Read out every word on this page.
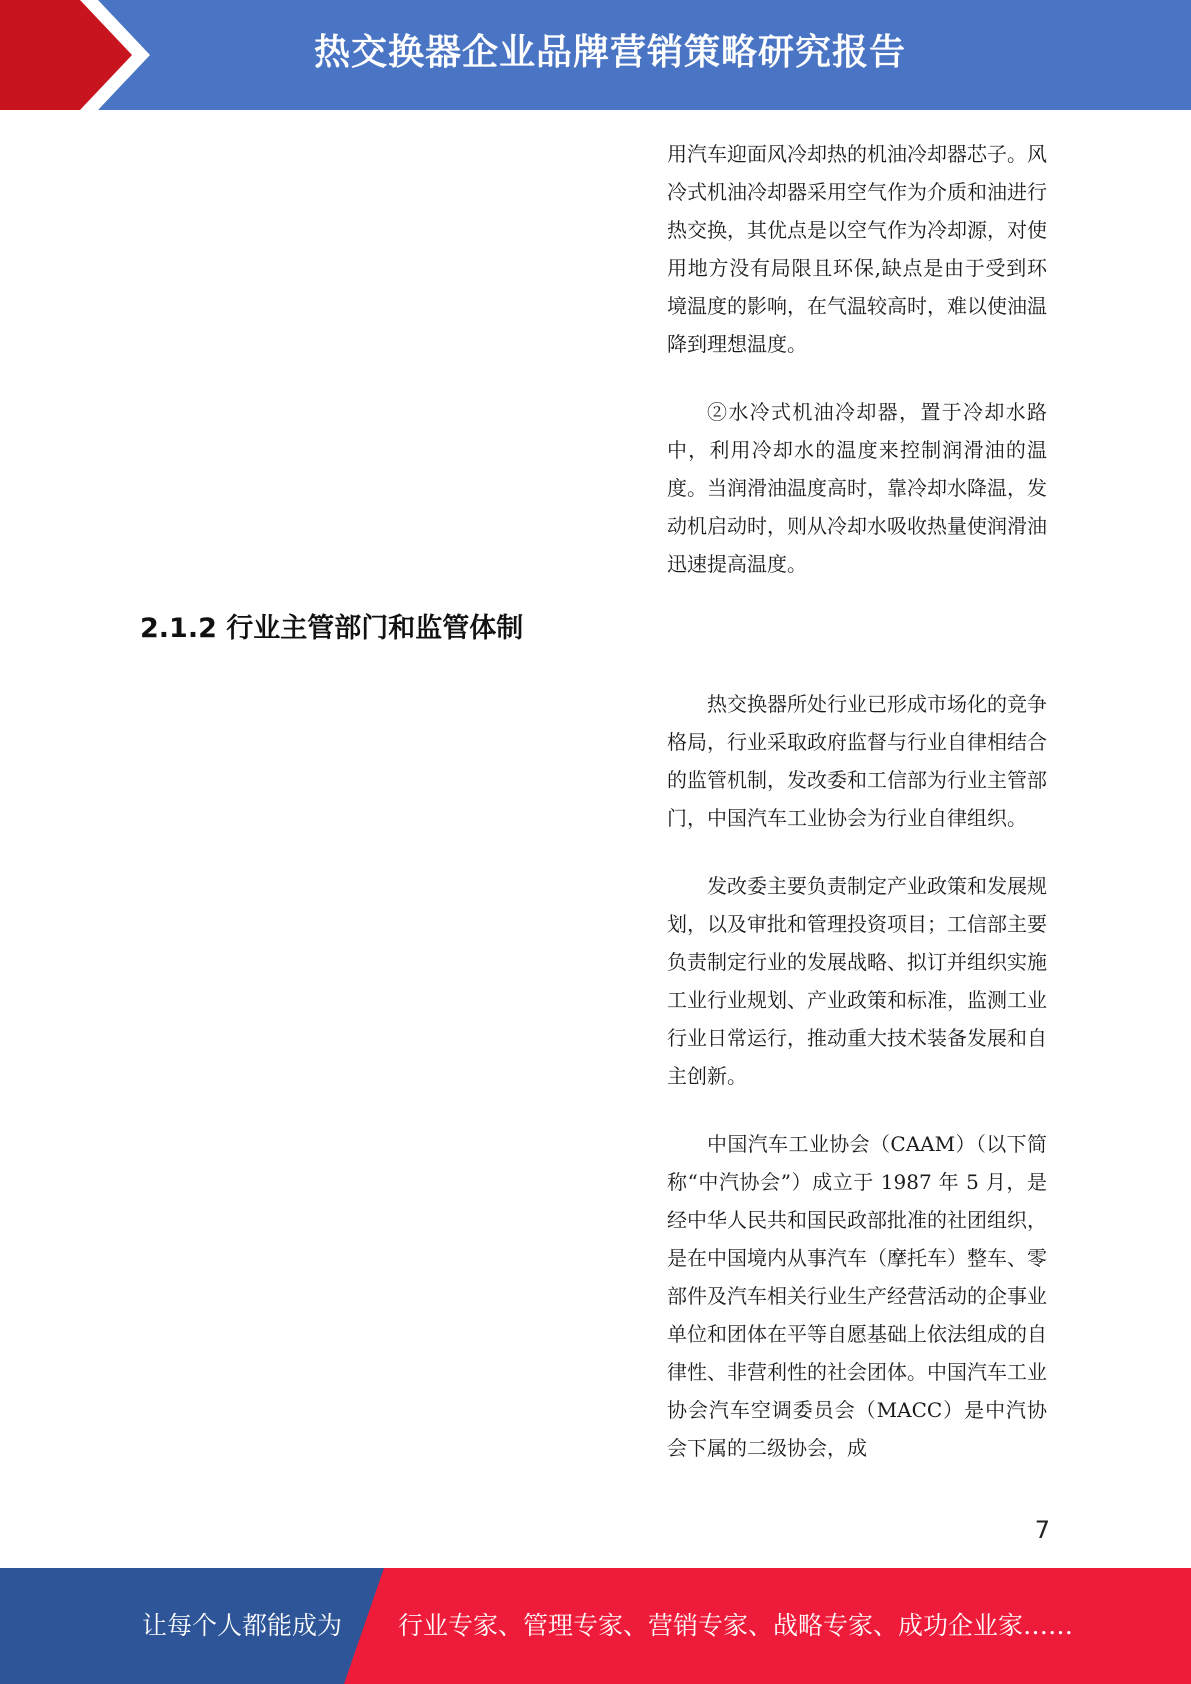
热交换器企业品牌营销策略研究报告

用汽车迎面风冷却热的机油冷却器芯子。风冷式机油冷却器采用空气作为介质和油进行热交换，其优点是以空气作为冷却源，对使用地方没有局限且环保,缺点是由于受到环境温度的影响，在气温较高时，难以使油温降到理想温度。

②水冷式机油冷却器，置于冷却水路中，利用冷却水的温度来控制润滑油的温度。当润滑油温度高时，靠冷却水降温，发动机启动时，则从冷却水吸收热量使润滑油迅速提高温度。

2.1.2 行业主管部门和监管体制

热交换器所处行业已形成市场化的竞争格局，行业采取政府监督与行业自律相结合的监管机制，发改委和工信部为行业主管部门，中国汽车工业协会为行业自律组织。

发改委主要负责制定产业政策和发展规划，以及审批和管理投资项目；工信部主要负责制定行业的发展战略、拟订并组织实施工业行业规划、产业政策和标准，监测工业行业日常运行，推动重大技术装备发展和自主创新。

中国汽车工业协会（CAAM）（以下简称“中汽协会”）成立于 1987 年 5 月，是经中华人民共和国民政部批准的社团组织，是在中国境内从事汽车（摩托车）整车、零部件及汽车相关行业生产经营活动的企事业单位和团体在平等自愿基础上依法组成的自律性、非营利性的社会团体。中国汽车工业协会汽车空调委员会（MACC）是中汽协会下属的二级协会，成

7
让每个人都能成为 行业专家、管理专家、营销专家、战略专家、成功企业家……
